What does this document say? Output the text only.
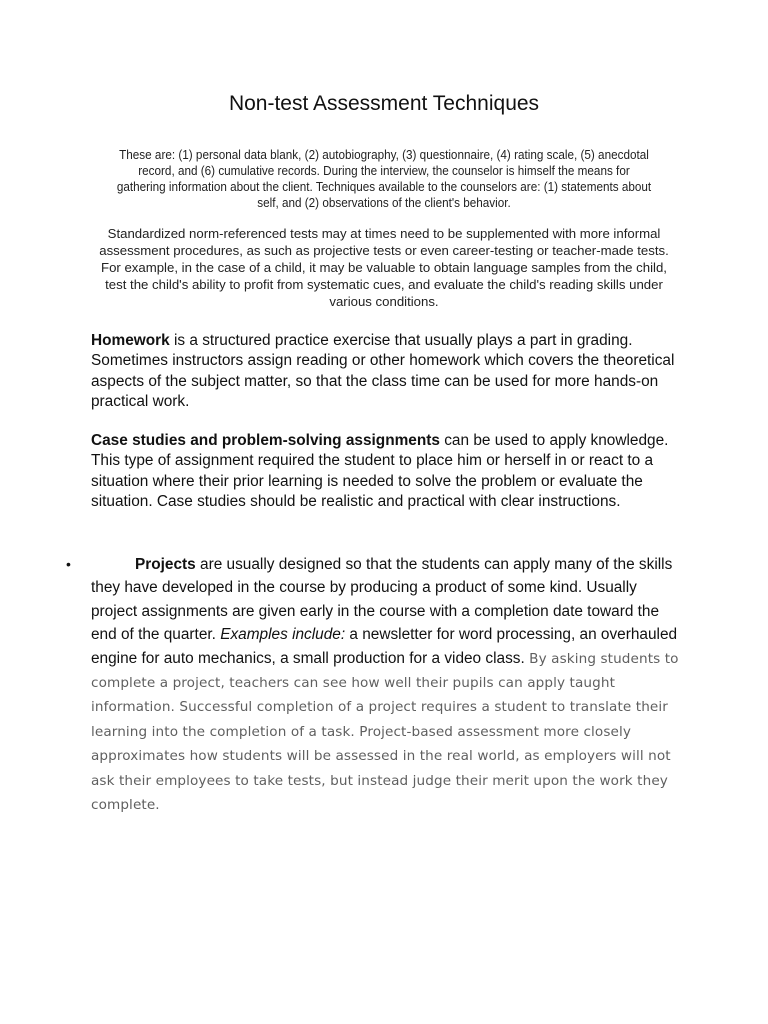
Non-test Assessment Techniques

These are: (1) personal data blank, (2) autobiography, (3) questionnaire, (4) rating scale, (5) anecdotal record, and (6) cumulative records. During the interview, the counselor is himself the means for gathering information about the client. Techniques available to the counselors are: (1) statements about self, and (2) observations of the client's behavior.

Standardized norm-referenced tests may at times need to be supplemented with more informal assessment procedures, as such as projective tests or even career-testing or teacher-made tests. For example, in the case of a child, it may be valuable to obtain language samples from the child, test the child's ability to profit from systematic cues, and evaluate the child's reading skills under various conditions.

Homework is a structured practice exercise that usually plays a part in grading. Sometimes instructors assign reading or other homework which covers the theoretical aspects of the subject matter, so that the class time can be used for more hands-on practical work.

Case studies and problem-solving assignments can be used to apply knowledge. This type of assignment required the student to place him or herself in or react to a situation where their prior learning is needed to solve the problem or evaluate the situation. Case studies should be realistic and practical with clear instructions.

•	Projects are usually designed so that the students can apply many of the skills they have developed in the course by producing a product of some kind. Usually project assignments are given early in the course with a completion date toward the end of the quarter. Examples include: a newsletter for word processing, an overhauled engine for auto mechanics, a small production for a video class. By asking students to complete a project, teachers can see how well their pupils can apply taught information. Successful completion of a project requires a student to translate their learning into the completion of a task. Project-based assessment more closely approximates how students will be assessed in the real world, as employers will not ask their employees to take tests, but instead judge their merit upon the work they complete.
